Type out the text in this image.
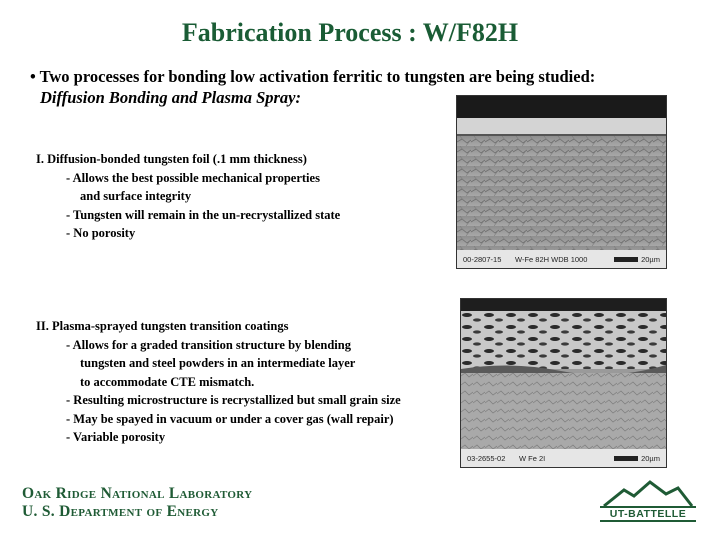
Fabrication Process : W/F82H
• Two processes for bonding low activation ferritic to tungsten are being studied:

Diffusion Bonding and Plasma Spray:
I. Diffusion-bonded tungsten foil (.1 mm thickness)
- Allows the best possible mechanical properties
and surface integrity
- Tungsten will remain in the un-recrystallized state
- No porosity
II. Plasma-sprayed tungsten transition coatings
- Allows for a graded transition structure by blending
tungsten and steel powders in an intermediate layer
to accommodate CTE mismatch.
- Resulting microstructure is recrystallized but small grain size
- May be spayed in vacuum or under a cover gas (wall repair)
- Variable porosity
00-2807-15	W-Fe 82H WDB 1000	20µm
03-2655-02	W Fe 2I	20µm
Oak Ridge National Laboratory
U. S. Department of Energy	UT-BATTELLE
